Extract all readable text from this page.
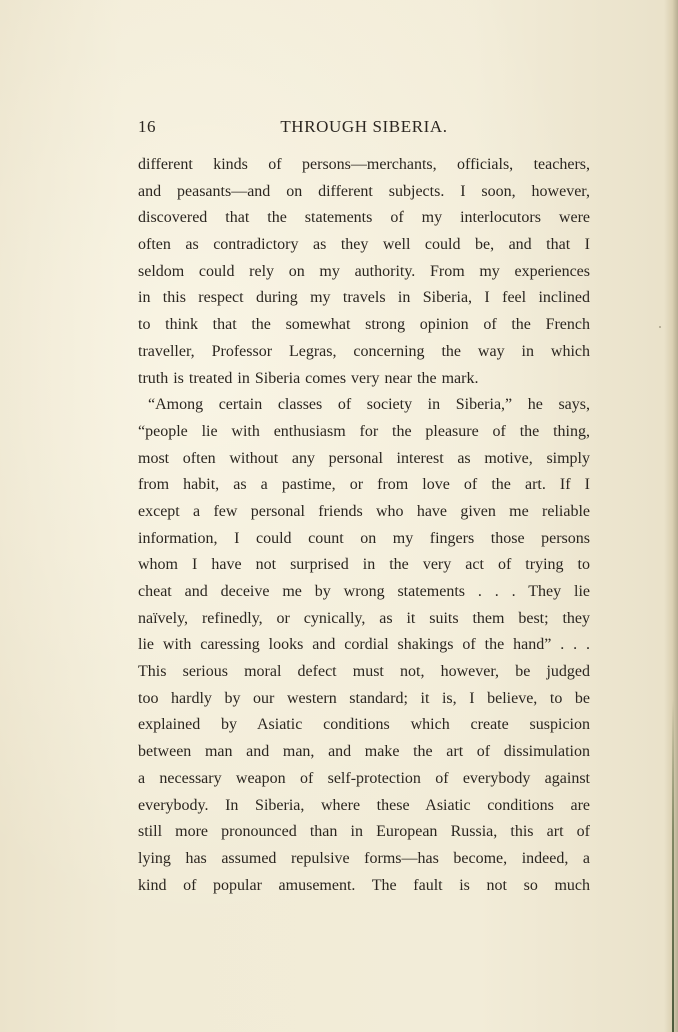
16	THROUGH SIBERIA.
different kinds of persons—merchants, officials, teachers,
and peasants—and on different subjects. I soon, however,
discovered that the statements of my interlocutors were
often as contradictory as they well could be, and that I
seldom could rely on my authority. From my experiences
in this respect during my travels in Siberia, I feel inclined
to think that the somewhat strong opinion of the French
traveller, Professor Legras, concerning the way in which
truth is treated in Siberia comes very near the mark.
“Among certain classes of society in Siberia,” he says,
“people lie with enthusiasm for the pleasure of the thing,
most often without any personal interest as motive, simply
from habit, as a pastime, or from love of the art. If I
except a few personal friends who have given me reliable
information, I could count on my fingers those persons
whom I have not surprised in the very act of trying to
cheat and deceive me by wrong statements . . . They lie
naïvely, refinedly, or cynically, as it suits them best; they
lie with caressing looks and cordial shakings of the hand” . . .
This serious moral defect must not, however, be judged
too hardly by our western standard; it is, I believe, to be
explained by Asiatic conditions which create suspicion
between man and man, and make the art of dissimulation
a necessary weapon of self-protection of everybody against
everybody. In Siberia, where these Asiatic conditions are
still more pronounced than in European Russia, this art of
lying has assumed repulsive forms—has become, indeed, a
kind of popular amusement. The fault is not so much
